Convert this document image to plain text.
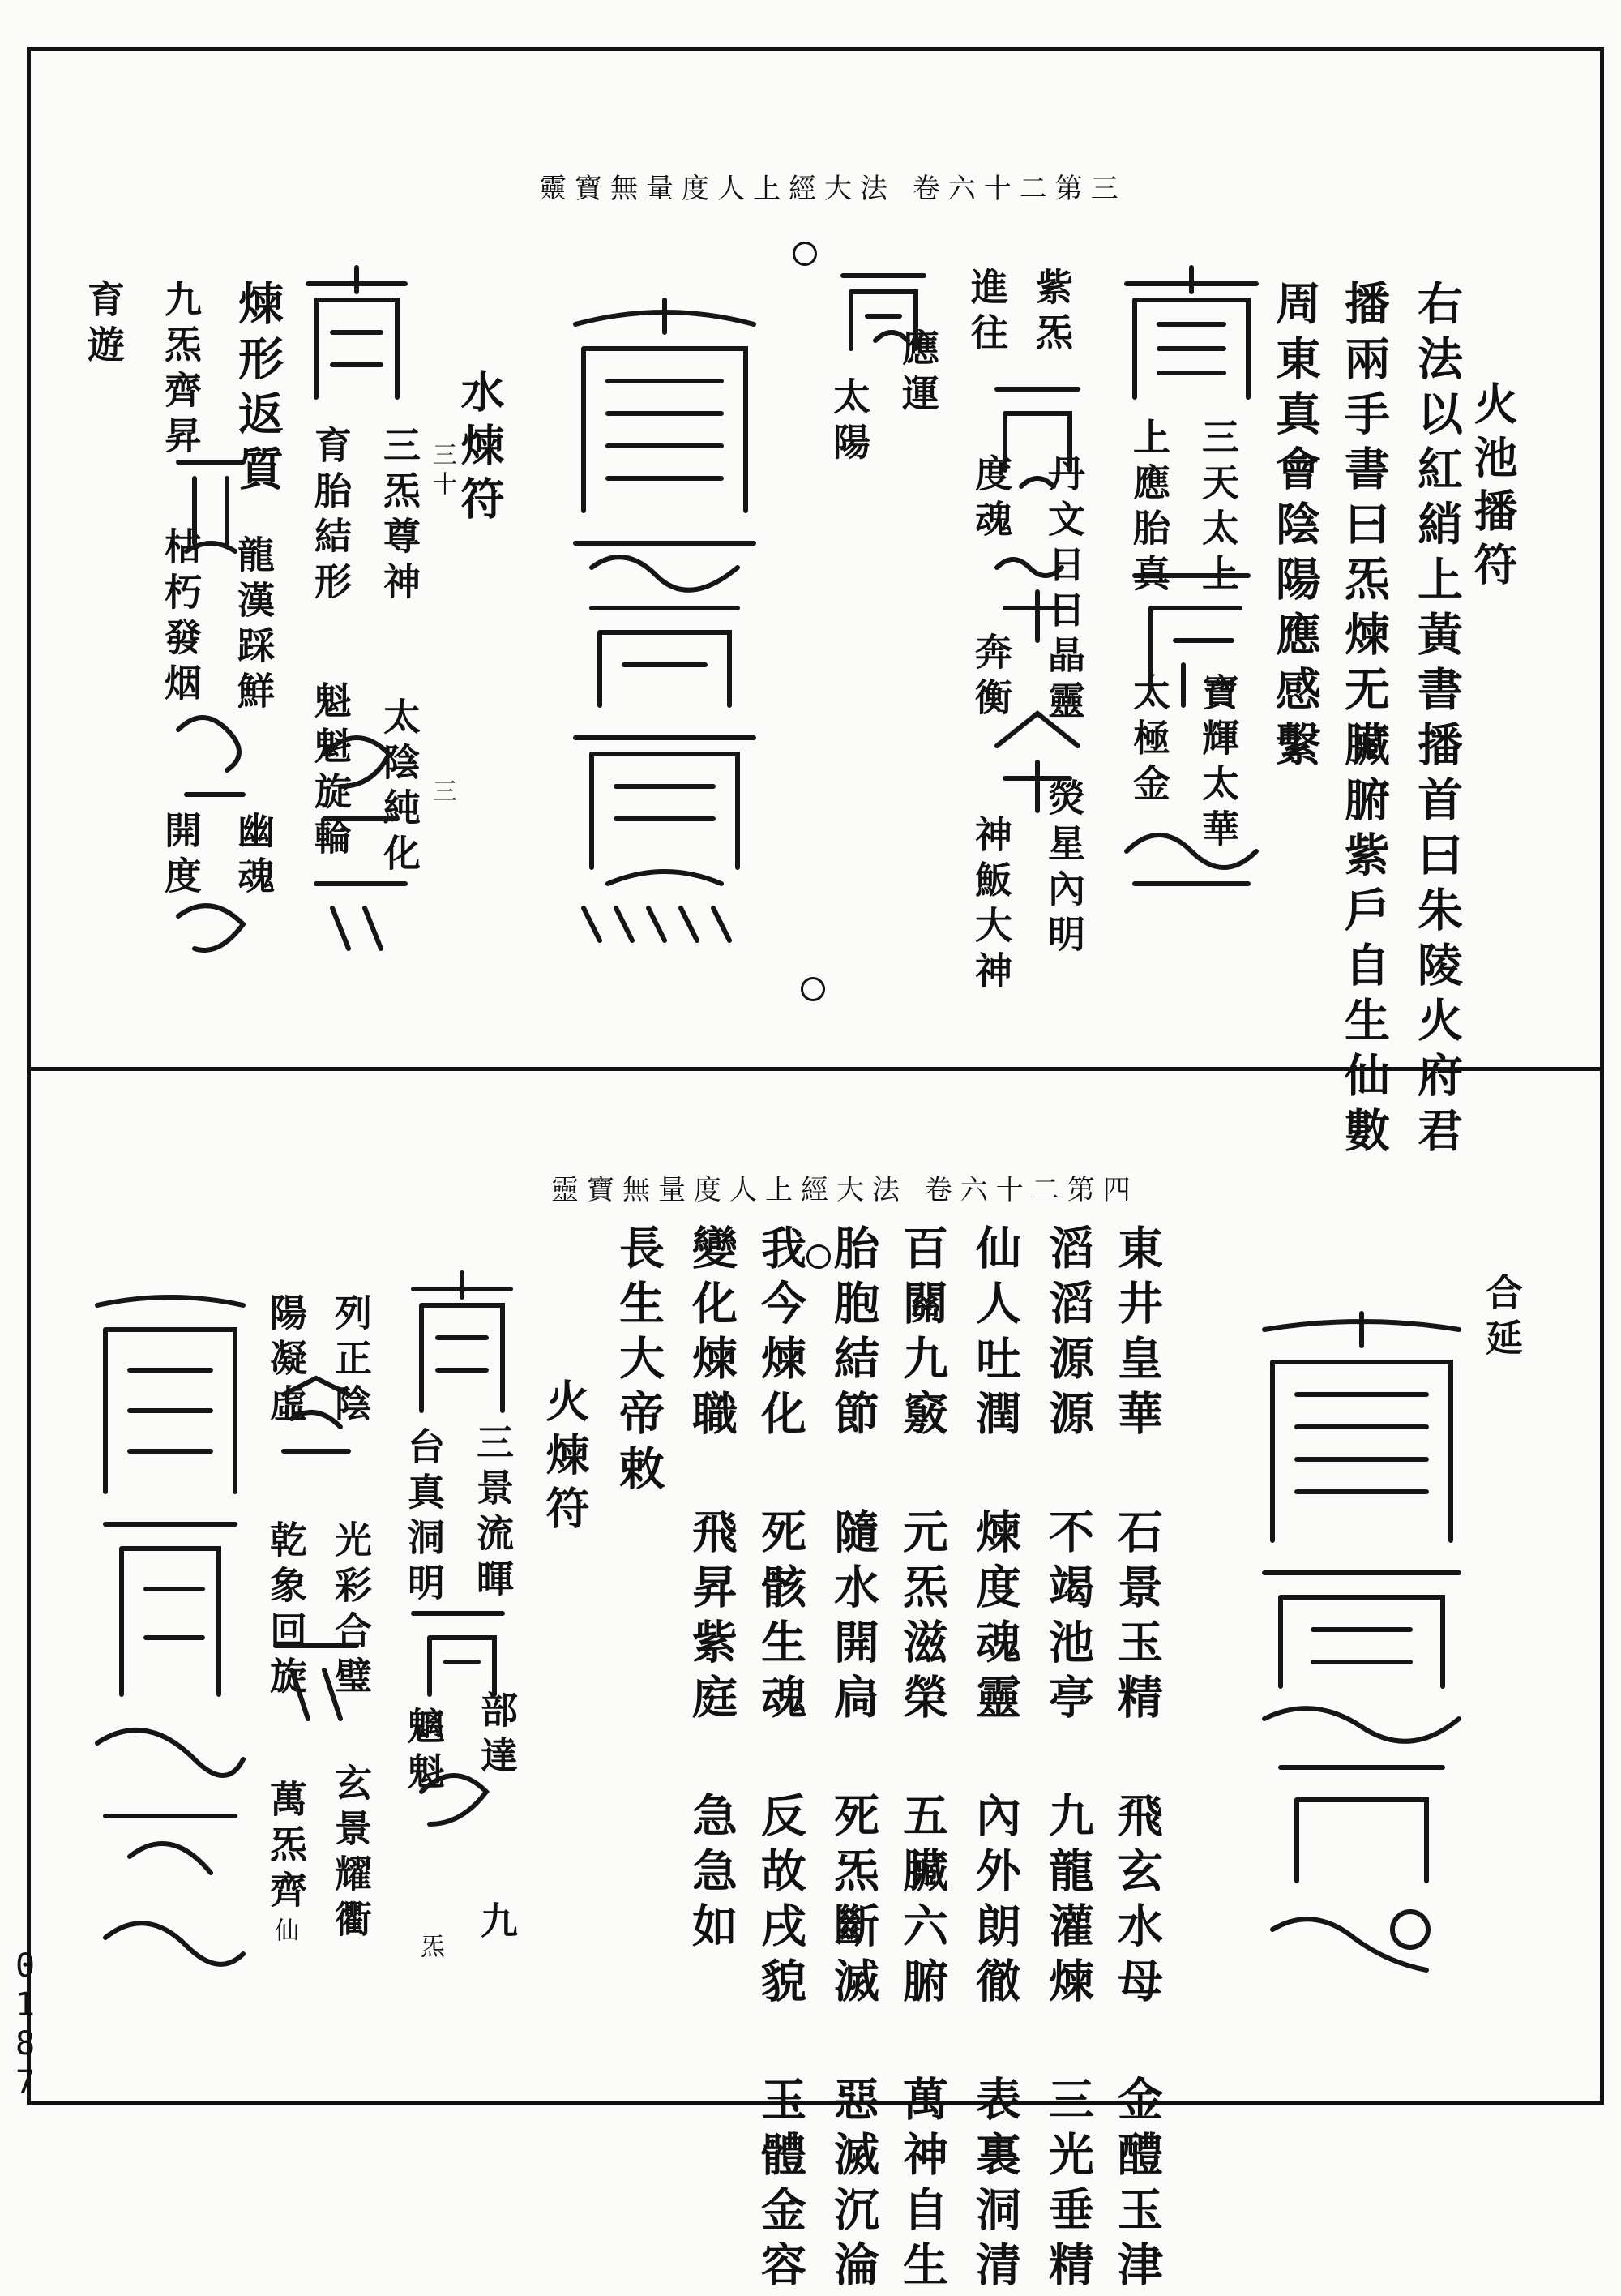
靈寶無量度人上經大法 卷六十二第三
火池播符
右法以紅綃上黃書播首曰朱陵火府君
播兩手書曰炁煉无臟腑紫戶自生仙數
周東真會陰陽應感繫
三天太上
寶輝太華
上應胎真
太極金
熒星內明
丹文日日晶靈
神魬大神
紫炁
度魂
奔衡
進往
應運
太陽
水煉符
三十
三炁尊神
太陰純化 三
育胎結形
魁魁旋輪
煉形返質
龍漢踩鮮
幽魂
九炁齊昇
枯朽發烟
開度
育遊
靈寶無量度人上經大法 卷六十二第四
合延
東井皇華 石景玉精 飛玄水母 金醴玉津
滔滔源源 不竭池亭 九龍灌煉 三光垂精
仙人吐潤 煉度魂靈 內外朗徹 表裏洞清
百關九竅 元炁滋榮 五臟六腑 萬神自生
胎胞結節 隨水開扃 死炁斷滅 惡滅沉淪
我今煉化 死骸生魂 反故戌貌 玉體金容
變化煉職 飛昇紫庭 急急如
長生大帝敕
火煉符
三景流暉
部達
九
台真洞明
魑魁
炁
列正陰
光彩合璧
玄景耀衢
陽凝虛
乾象回旋
萬炁齊
仙
0187
